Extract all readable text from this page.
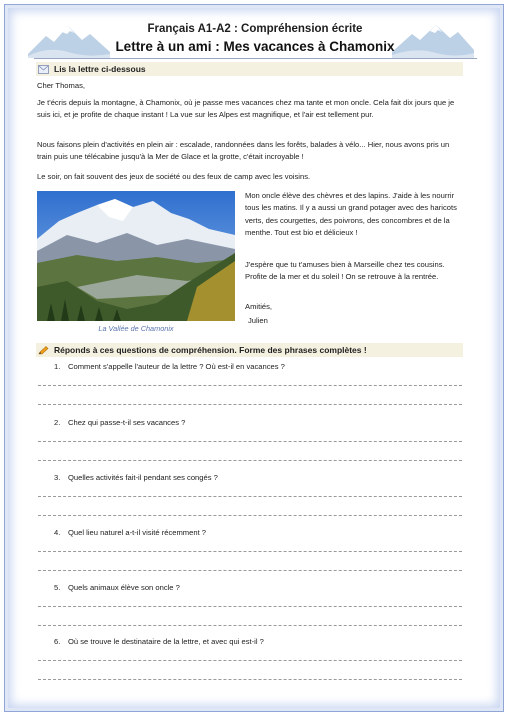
Français A1-A2 : Compréhension écrite
Lettre à un ami : Mes vacances à Chamonix
Lis la lettre ci-dessous

Cher Thomas,

Je t'écris depuis la montagne, à Chamonix, où je passe mes vacances chez ma tante et mon oncle. Cela fait dix jours que je suis ici, et je profite de chaque instant ! La vue sur les Alpes est magnifique, et l'air est tellement pur.

Nous faisons plein d'activités en plein air : escalade, randonnées dans les forêts, balades à vélo... Hier, nous avons pris un train puis une télécabine jusqu'à la Mer de Glace et la grotte, c'était incroyable !

Le soir, on fait souvent des jeux de société ou des feux de camp avec les voisins.

La Vallée de Chamonix

Mon oncle élève des chèvres et des lapins. J'aide à les nourrir tous les matins. Il y a aussi un grand potager avec des haricots verts, des courgettes, des poivrons, des concombres et de la menthe. Tout est bio et délicieux !

J'espère que tu t'amuses bien à Marseille chez tes cousins. Profite de la mer et du soleil ! On se retrouve à la rentrée.

Amitiés,

Julien

Réponds à ces questions de compréhension. Forme des phrases complètes !
1. Comment s'appelle l'auteur de la lettre ? Où est-il en vacances ?
2. Chez qui passe-t-il ses vacances ?
3. Quelles activités fait-il pendant ses congés ?
4. Quel lieu naturel a-t-il visité récemment ?
5. Quels animaux élève son oncle ?
6. Où se trouve le destinataire de la lettre, et avec qui est-il ?
